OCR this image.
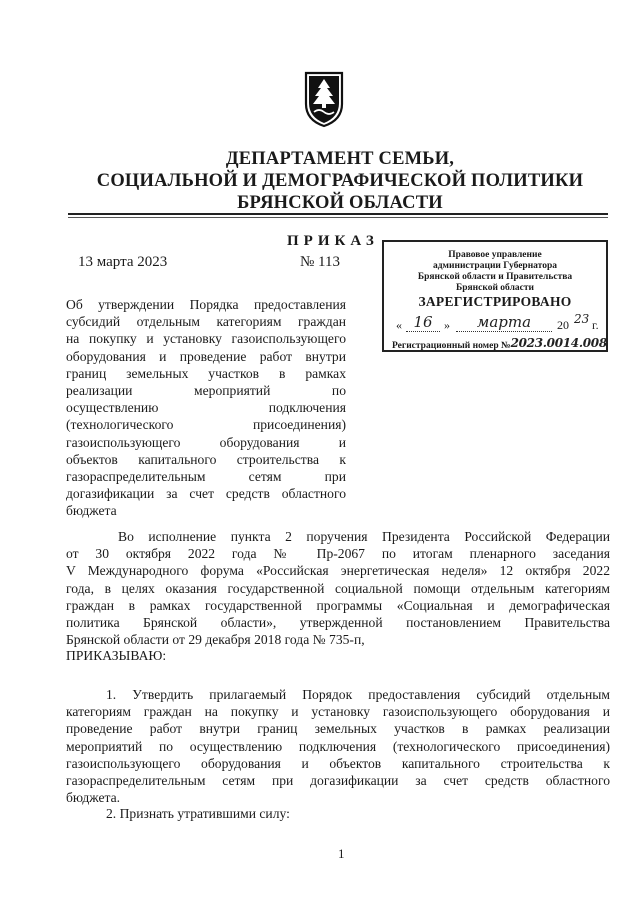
ДЕПАРТАМЕНТ СЕМЬИ,
СОЦИАЛЬНОЙ И ДЕМОГРАФИЧЕСКОЙ ПОЛИТИКИ
БРЯНСКОЙ ОБЛАСТИ
ПРИКАЗ
13 марта 2023	№ 113	Правовое управление
администрации Губернатора
Брянской области и Правительства
Брянской области
ЗАРЕГИСТРИРОВАНО
« 16 »	марта	20 23 г.
Регистрационный номер №2023.0014.008
Об утверждении Порядка предоставления
субсидий отдельным категориям граждан
на покупку и установку газоиспользующего
оборудования и проведение работ внутри
границ земельных участков в рамках
реализации мероприятий по
осуществлению подключения
(технологического присоединения)
газоиспользующего оборудования и
объектов капитального строительства к
газораспределительным сетям при
догазификации за счет средств областного
бюджета
Во исполнение пункта 2 поручения Президента Российской Федерации
от 30 октября 2022 года № Пр-2067 по итогам пленарного заседания
V Международного форума «Российская энергетическая неделя» 12 октября 2022
года, в целях оказания государственной социальной помощи отдельным категориям
граждан в рамках государственной программы «Социальная и демографическая
политика Брянской области», утвержденной постановлением Правительства
Брянской области от 29 декабря 2018 года № 735-п,
ПРИКАЗЫВАЮ:
1. Утвердить прилагаемый Порядок предоставления субсидий отдельным
категориям граждан на покупку и установку газоиспользующего оборудования и
проведение работ внутри границ земельных участков в рамках реализации
мероприятий по осуществлению подключения (технологического присоединения)
газоиспользующего оборудования и объектов капитального строительства к
газораспределительным сетям при догазификации за счет средств областного
бюджета.
2. Признать утратившими силу:
1
